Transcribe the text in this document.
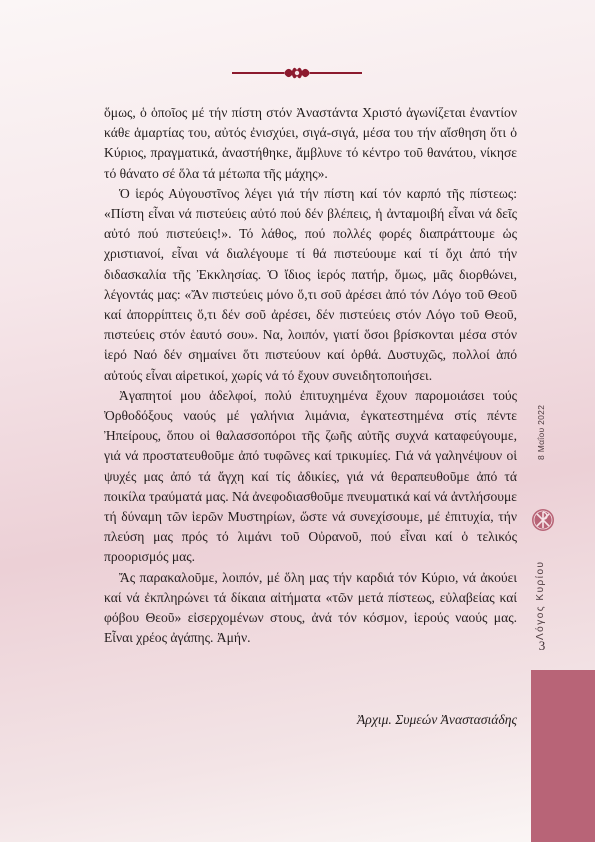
ὅμως, ὁ ὁποῖος μέ τήν πίστη στόν Ἀναστάντα Χριστό ἀγωνίζεται ἐναντίον κάθε ἁμαρτίας του, αὐτός ἐνισχύει, σιγά-σιγά, μέσα του τήν αἴσθηση ὅτι ὁ Κύριος, πραγματικά, ἀναστήθηκε, ἄμβλυνε τό κέντρο τοῦ θανάτου, νίκησε τό θάνατο σέ ὅλα τά μέτωπα τῆς μάχης».

Ὁ ἱερός Αὐγουστῖνος λέγει γιά τήν πίστη καί τόν καρπό τῆς πίστεως: «Πίστη εἶναι νά πιστεύεις αὐτό πού δέν βλέπεις, ἡ ἀνταμοιβή εἶναι νά δεῖς αὐτό πού πιστεύεις!». Τό λάθος, πού πολλές φορές διαπράττουμε ὡς χριστιανοί, εἶναι νά διαλέγουμε τί θά πιστεύουμε καί τί ὄχι ἀπό τήν διδασκαλία τῆς Ἐκκλησίας. Ὁ ἴδιος ἱερός πατήρ, ὅμως, μᾶς διορθώνει, λέγοντάς μας: «Ἄν πιστεύεις μόνο ὅ,τι σοῦ ἀρέσει ἀπό τόν Λόγο τοῦ Θεοῦ καί ἀπορρίπτεις ὅ,τι δέν σοῦ ἀρέσει, δέν πιστεύεις στόν Λόγο τοῦ Θεοῦ, πιστεύεις στόν ἑαυτό σου». Να, λοιπόν, γιατί ὅσοι βρίσκονται μέσα στόν ἱερό Ναό δέν σημαίνει ὅτι πιστεύουν καί ὀρθά. Δυστυχῶς, πολλοί ἀπό αὐτούς εἶναι αἱρετικοί, χωρίς νά τό ἔχουν συνειδητοποιήσει.

Ἀγαπητοί μου ἀδελφοί, πολύ ἐπιτυχημένα ἔχουν παρομοιάσει τούς Ὀρθοδόξους ναούς μέ γαλήνια λιμάνια, ἐγκατεστημένα στίς πέντε Ἠπείρους, ὅπου οἱ θαλασσοπόροι τῆς ζωῆς αὐτῆς συχνά καταφεύγουμε, γιά νά προστατευθοῦμε ἀπό τυφῶνες καί τρικυμίες. Γιά νά γαληνέψουν οἱ ψυχές μας ἀπό τά ἄγχη καί τίς ἀδικίες, γιά νά θεραπευθοῦμε ἀπό τά ποικίλα τραύματά μας. Νά ἀνεφοδιασθοῦμε πνευματικά καί νά ἀντλήσουμε τή δύναμη τῶν ἱερῶν Μυστηρίων, ὥστε νά συνεχίσουμε, μέ ἐπιτυχία, τήν πλεύση μας πρός τό λιμάνι τοῦ Οὐρανοῦ, πού εἶναι καί ὁ τελικός προορισμός μας.

Ἄς παρακαλοῦμε, λοιπόν, μέ ὅλη μας τήν καρδιά τόν Κύριο, νά ἀκούει καί νά ἐκπληρώνει τά δίκαια αἰτήματα «τῶν μετά πίστεως, εὐλαβείας καί φόβου Θεοῦ» εἰσερχομένων στους, ἀνά τόν κόσμον, ἱερούς ναούς μας. Εἶναι χρέος ἀγάπης. Ἀμήν.

Ἀρχιμ. Συμεών Ἀναστασιάδης
8 Μαΐου 2022
Λόγος Κυρίου
3
